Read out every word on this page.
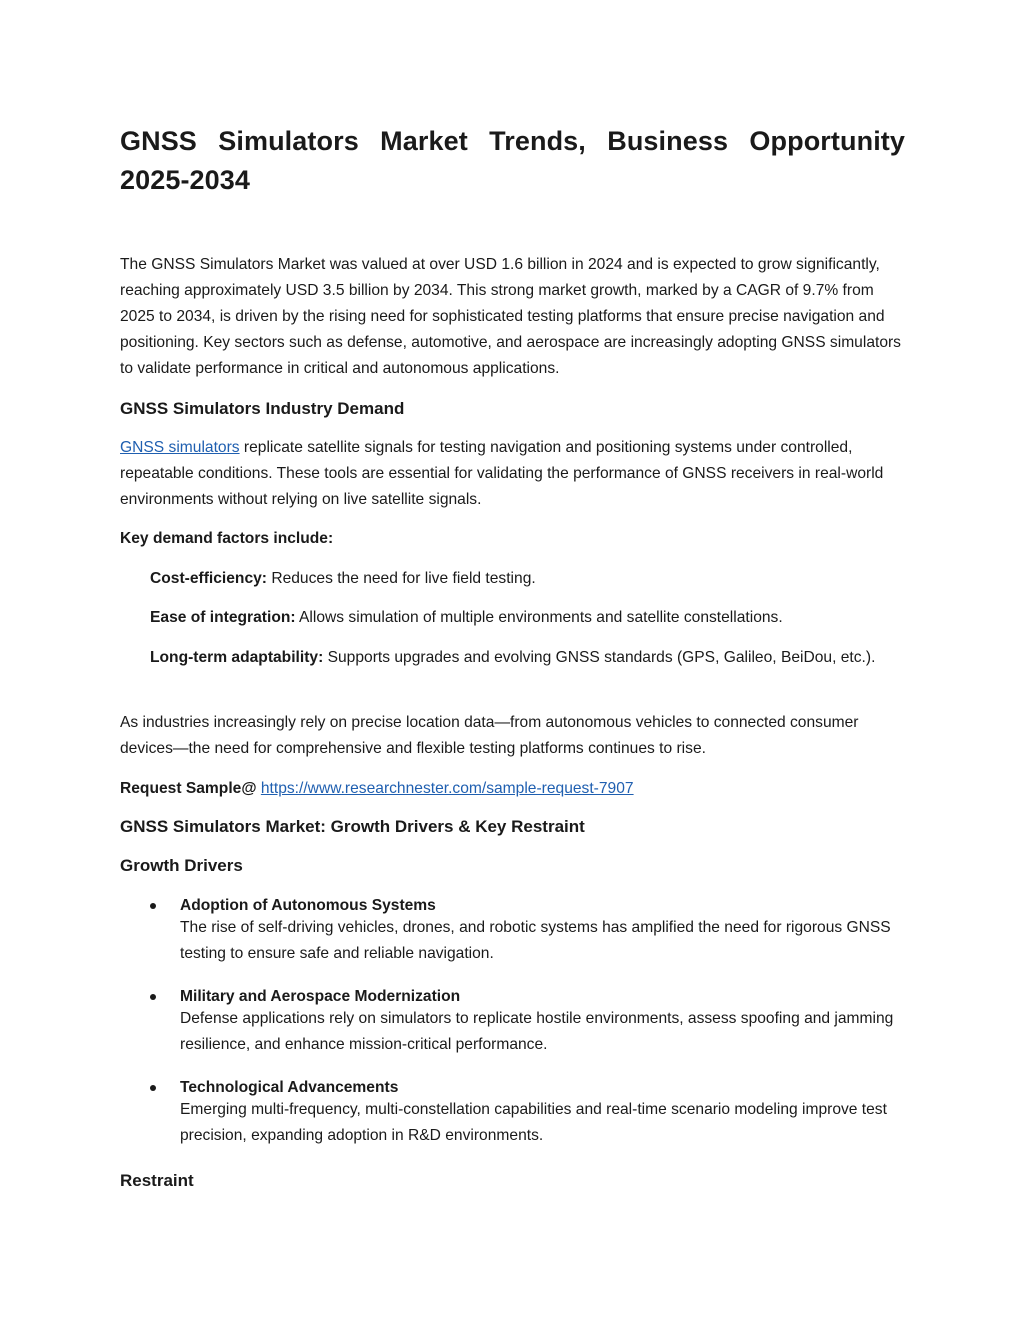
GNSS Simulators Market Trends, Business Opportunity 2025-2034

The GNSS Simulators Market was valued at over USD 1.6 billion in 2024 and is expected to grow significantly, reaching approximately USD 3.5 billion by 2034. This strong market growth, marked by a CAGR of 9.7% from 2025 to 2034, is driven by the rising need for sophisticated testing platforms that ensure precise navigation and positioning. Key sectors such as defense, automotive, and aerospace are increasingly adopting GNSS simulators to validate performance in critical and autonomous applications.

GNSS Simulators Industry Demand

GNSS simulators replicate satellite signals for testing navigation and positioning systems under controlled, repeatable conditions. These tools are essential for validating the performance of GNSS receivers in real-world environments without relying on live satellite signals.

Key demand factors include:

Cost-efficiency: Reduces the need for live field testing.

Ease of integration: Allows simulation of multiple environments and satellite constellations.

Long-term adaptability: Supports upgrades and evolving GNSS standards (GPS, Galileo, BeiDou, etc.).

As industries increasingly rely on precise location data—from autonomous vehicles to connected consumer devices—the need for comprehensive and flexible testing platforms continues to rise.

Request Sample@ https://www.researchnester.com/sample-request-7907

GNSS Simulators Market: Growth Drivers & Key Restraint
Growth Drivers

Adoption of Autonomous Systems

The rise of self-driving vehicles, drones, and robotic systems has amplified the need for rigorous GNSS testing to ensure safe and reliable navigation.

Military and Aerospace Modernization

Defense applications rely on simulators to replicate hostile environments, assess spoofing and jamming resilience, and enhance mission-critical performance.

Technological Advancements

Emerging multi-frequency, multi-constellation capabilities and real-time scenario modeling improve test precision, expanding adoption in R&D environments.

Restraint
